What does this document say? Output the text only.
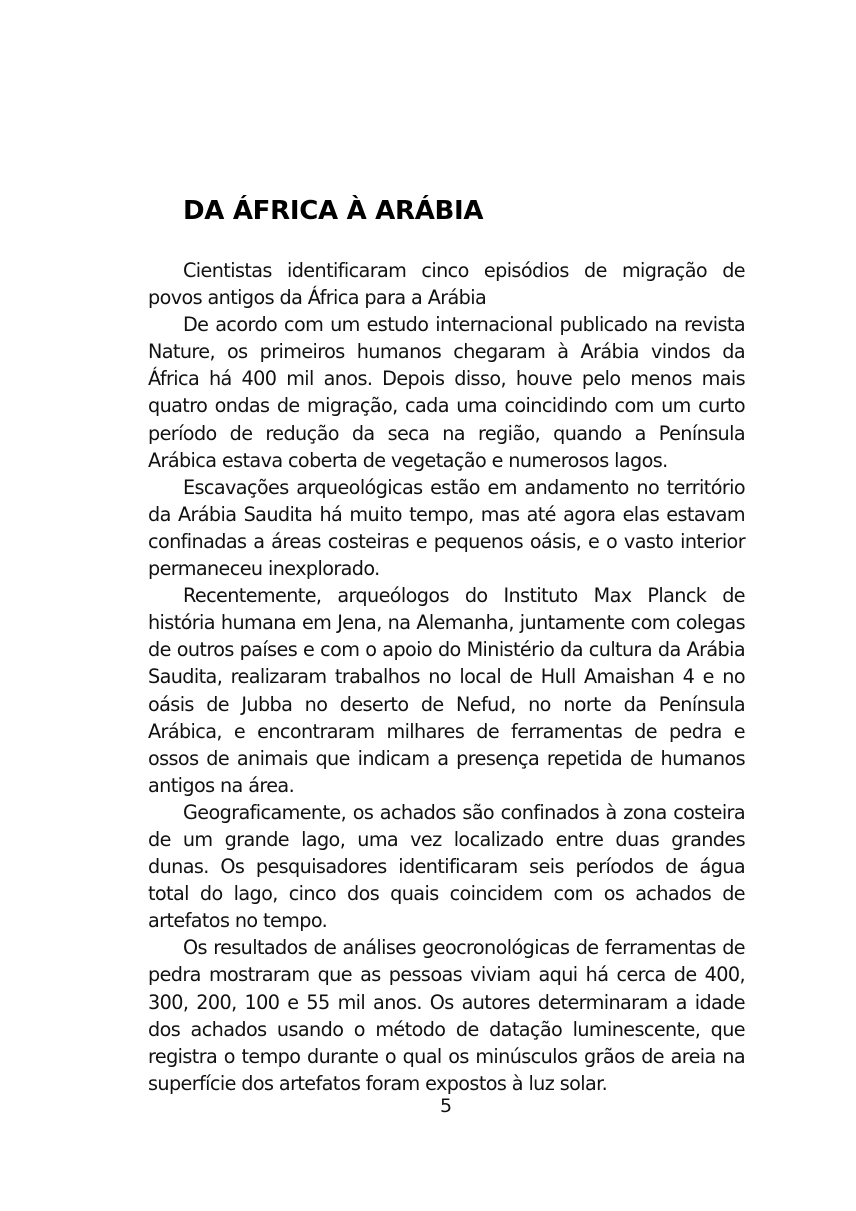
DA ÁFRICA À ARÁBIA

Cientistas identificaram cinco episódios de migração de povos antigos da África para a Arábia

De acordo com um estudo internacional publicado na revista Nature, os primeiros humanos chegaram à Arábia vindos da África há 400 mil anos. Depois disso, houve pelo menos mais quatro ondas de migração, cada uma coincidindo com um curto período de redução da seca na região, quando a Península Arábica estava coberta de vegetação e numerosos lagos.

Escavações arqueológicas estão em andamento no território da Arábia Saudita há muito tempo, mas até agora elas estavam confinadas a áreas costeiras e pequenos oásis, e o vasto interior permaneceu inexplorado.

Recentemente, arqueólogos do Instituto Max Planck de história humana em Jena, na Alemanha, juntamente com colegas de outros países e com o apoio do Ministério da cultura da Arábia Saudita, realizaram trabalhos no local de Hull Amaishan 4 e no oásis de Jubba no deserto de Nefud, no norte da Península Arábica, e encontraram milhares de ferramentas de pedra e ossos de animais que indicam a presença repetida de humanos antigos na área.

Geograficamente, os achados são confinados à zona costeira de um grande lago, uma vez localizado entre duas grandes dunas. Os pesquisadores identificaram seis períodos de água total do lago, cinco dos quais coincidem com os achados de artefatos no tempo.

Os resultados de análises geocronológicas de ferramentas de pedra mostraram que as pessoas viviam aqui há cerca de 400, 300, 200, 100 e 55 mil anos. Os autores determinaram a idade dos achados usando o método de datação luminescente, que registra o tempo durante o qual os minúsculos grãos de areia na superfície dos artefatos foram expostos à luz solar.

5
